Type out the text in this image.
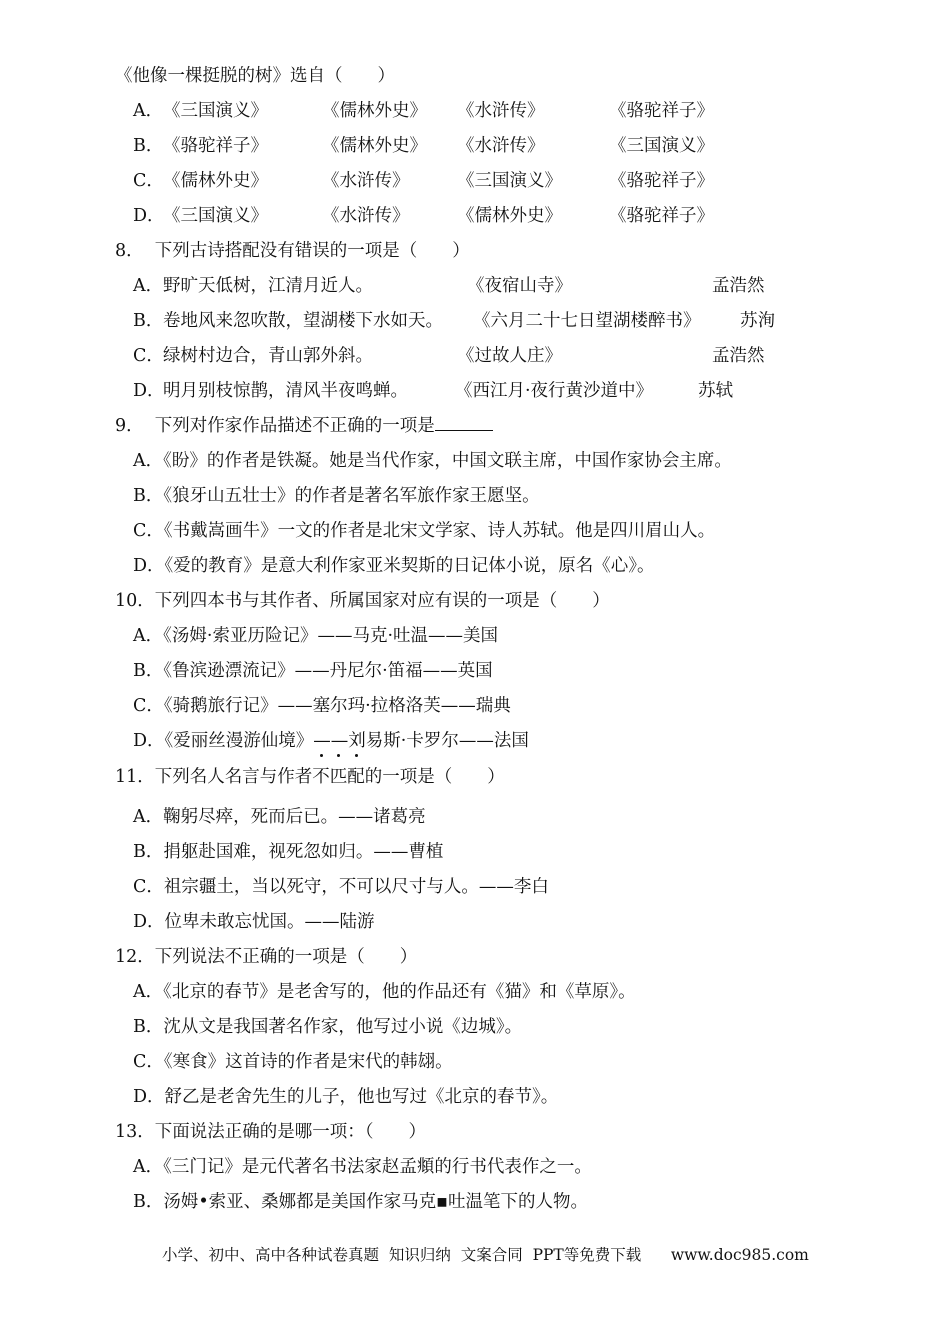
《他像一棵挺脱的树》选自（　　）
A． 《三国演义》	《儒林外史》 《水浒传》	《骆驼祥子》
B． 《骆驼祥子》	《儒林外史》 《水浒传》	《三国演义》
C． 《儒林外史》	《水浒传》	《三国演义》	《骆驼祥子》
D．
《三国演义》	《水浒传》	《儒林外史》	《骆驼祥子》
8．  下列古诗搭配没有错误的一项是（　　）
A． 野旷天低树，江清月近人。	《夜宿山寺》	孟浩然
B． 卷地风来忽吹散，望湖楼下水如天。 《六月二十七日望湖楼醉书》 苏洵
C． 绿树村边合，青山郭外斜。	《过故人庄》	孟浩然
D．
明月别枝惊鹊，清风半夜鸣蝉。	《西江月·夜行黄沙道中》	苏轼
9．  下列对作家作品描述不正确的一项是
A．《盼》的作者是铁凝。她是当代作家，中国文联主席，中国作家协会主席。
B．《狼牙山五壮士》的作者是著名军旅作家王愿坚。
C．《书戴嵩画牛》一文的作者是北宋文学家、诗人苏轼。他是四川眉山人。
D．《爱的教育》是意大利作家亚米契斯的日记体小说，原名《心》。
10．下列四本书与其作者、所属国家对应有误的一项是（　　）
A．《汤姆·索亚历险记》——马克·吐温——美国
B．《鲁滨逊漂流记》——丹尼尔·笛福——英国
C．《骑鹅旅行记》——塞尔玛·拉格洛芙——瑞典
D．《爱丽丝漫游仙境》——刘易斯·卡罗尔——法国
11．下列名人名言与作者
不
匹
配的一项是（　　）
A．鞠躬尽瘁，死而后已。——诸葛亮
B．捐躯赴国难，视死忽如归。——曹植
C．祖宗疆土，当以死守，不可以尺寸与人。——李白
D．位卑未敢忘忧国。——陆游
12．下列说法不正确的一项是（　　）
A．《北京的春节》是老舍写的，他的作品还有《猫》和《草原》。
B．沈从文是我国著名作家，他写过小说《边城》。
C．《寒食》这首诗的作者是宋代的韩翃。
D．舒乙是老舍先生的儿子，他也写过《北京的春节》。
13．下面说法正确的是哪一项：（　　）
A．《三门记》是元代著名书法家赵孟頫的行书代表作之一。
B．汤姆•索亚、桑娜都是美国作家马克▪吐温笔下的人物。
小学、初中、高中各种试卷真题  知识归纳  文案合同  PPT等免费下载      www.doc985.com
